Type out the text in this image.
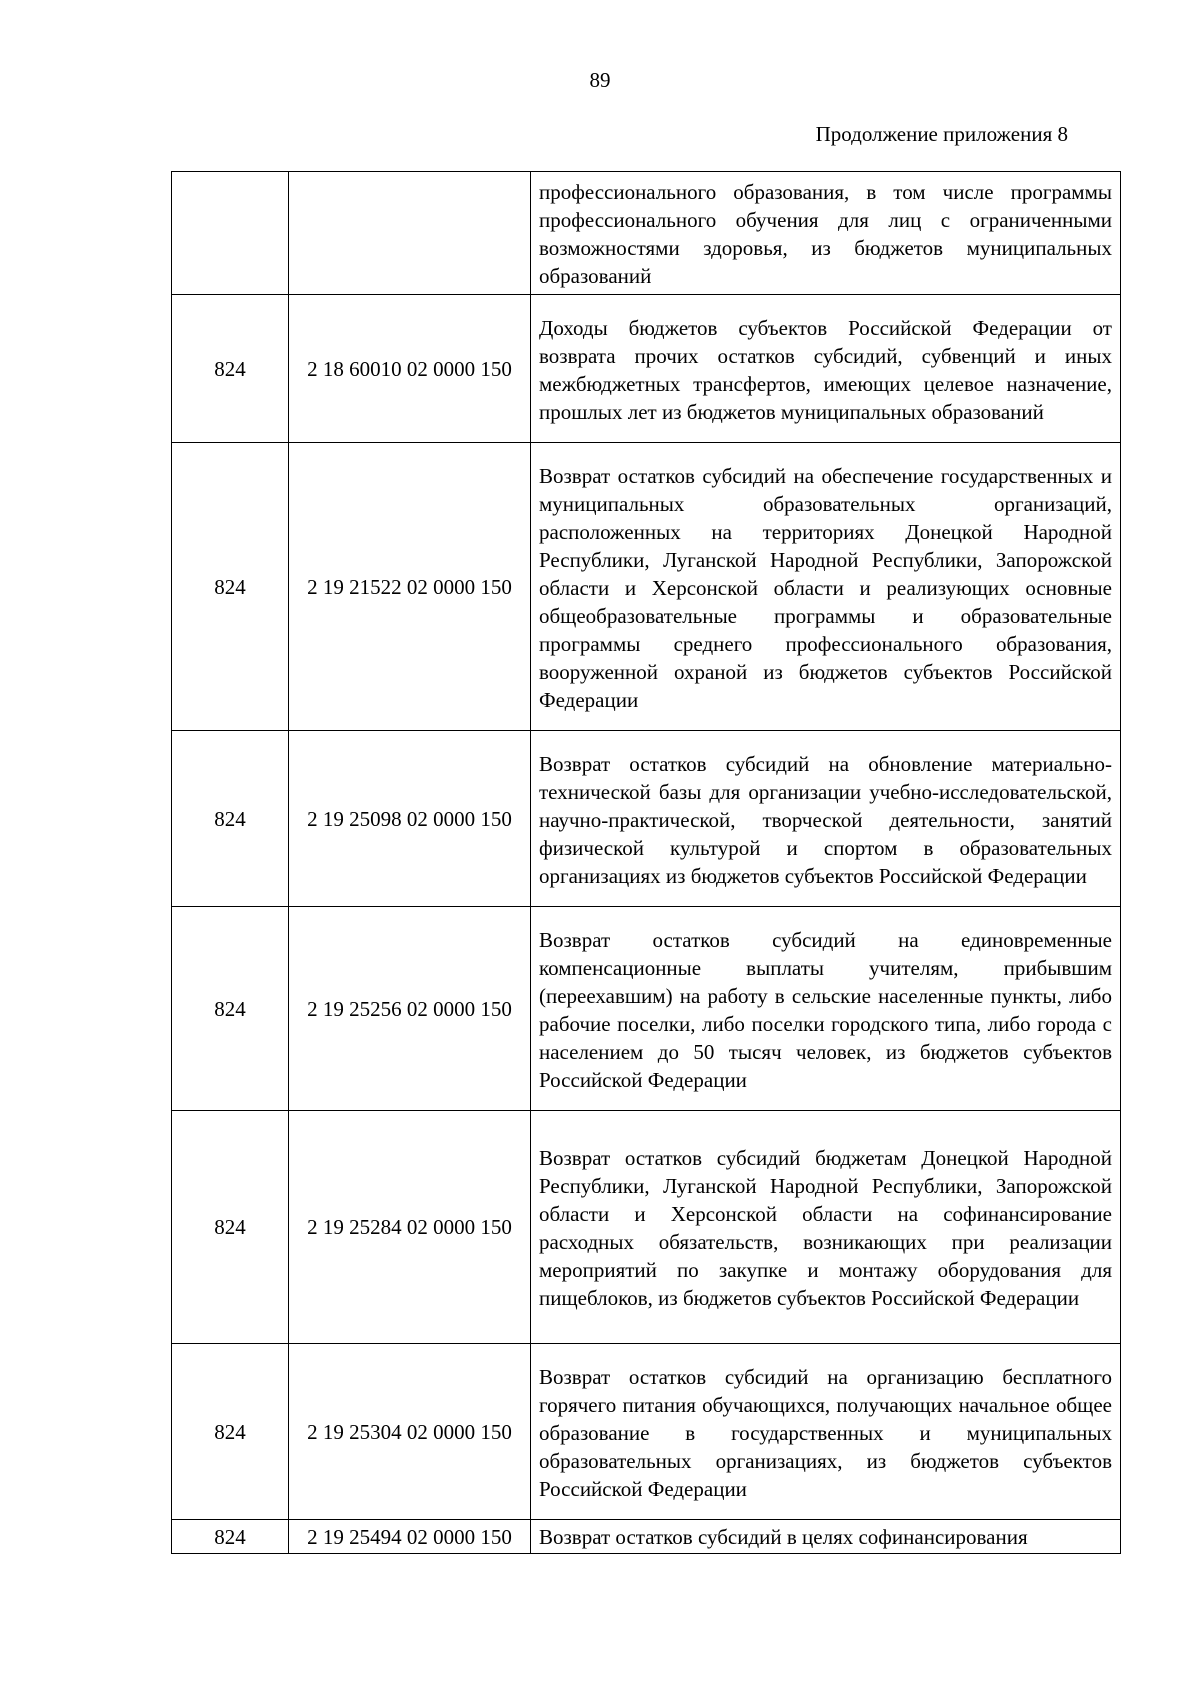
89
Продолжение приложения 8
		профессионального образования, в том числе программы профессионального обучения для лиц с ограниченными возможностями здоровья, из бюджетов муниципальных образований
824	2 18 60010 02 0000 150	Доходы бюджетов субъектов Российской Федерации от возврата прочих остатков субсидий, субвенций и иных межбюджетных трансфертов, имеющих целевое назначение, прошлых лет из бюджетов муниципальных образований
824	2 19 21522 02 0000 150	Возврат остатков субсидий на обеспечение государственных и муниципальных образовательных организаций, расположенных на территориях Донецкой Народной Республики, Луганской Народной Республики, Запорожской области и Херсонской области и реализующих основные общеобразовательные программы и образовательные программы среднего профессионального образования, вооруженной охраной из бюджетов субъектов Российской Федерации
824	2 19 25098 02 0000 150	Возврат остатков субсидий на обновление материально-технической базы для организации учебно-исследовательской, научно-практической, творческой деятельности, занятий физической культурой и спортом в образовательных организациях из бюджетов субъектов Российской Федерации
824	2 19 25256 02 0000 150	Возврат остатков субсидий на единовременные компенсационные выплаты учителям, прибывшим (переехавшим) на работу в сельские населенные пункты, либо рабочие поселки, либо поселки городского типа, либо города с населением до 50 тысяч человек, из бюджетов субъектов Российской Федерации
824	2 19 25284 02 0000 150	Возврат остатков субсидий бюджетам Донецкой Народной Республики, Луганской Народной Республики, Запорожской области и Херсонской области на софинансирование расходных обязательств, возникающих при реализации мероприятий по закупке и монтажу оборудования для пищеблоков, из бюджетов субъектов Российской Федерации
824	2 19 25304 02 0000 150	Возврат остатков субсидий на организацию бесплатного горячего питания обучающихся, получающих начальное общее образование в государственных и муниципальных образовательных организациях, из бюджетов субъектов Российской Федерации
824	2 19 25494 02 0000 150	Возврат остатков субсидий в целях софинансирования
